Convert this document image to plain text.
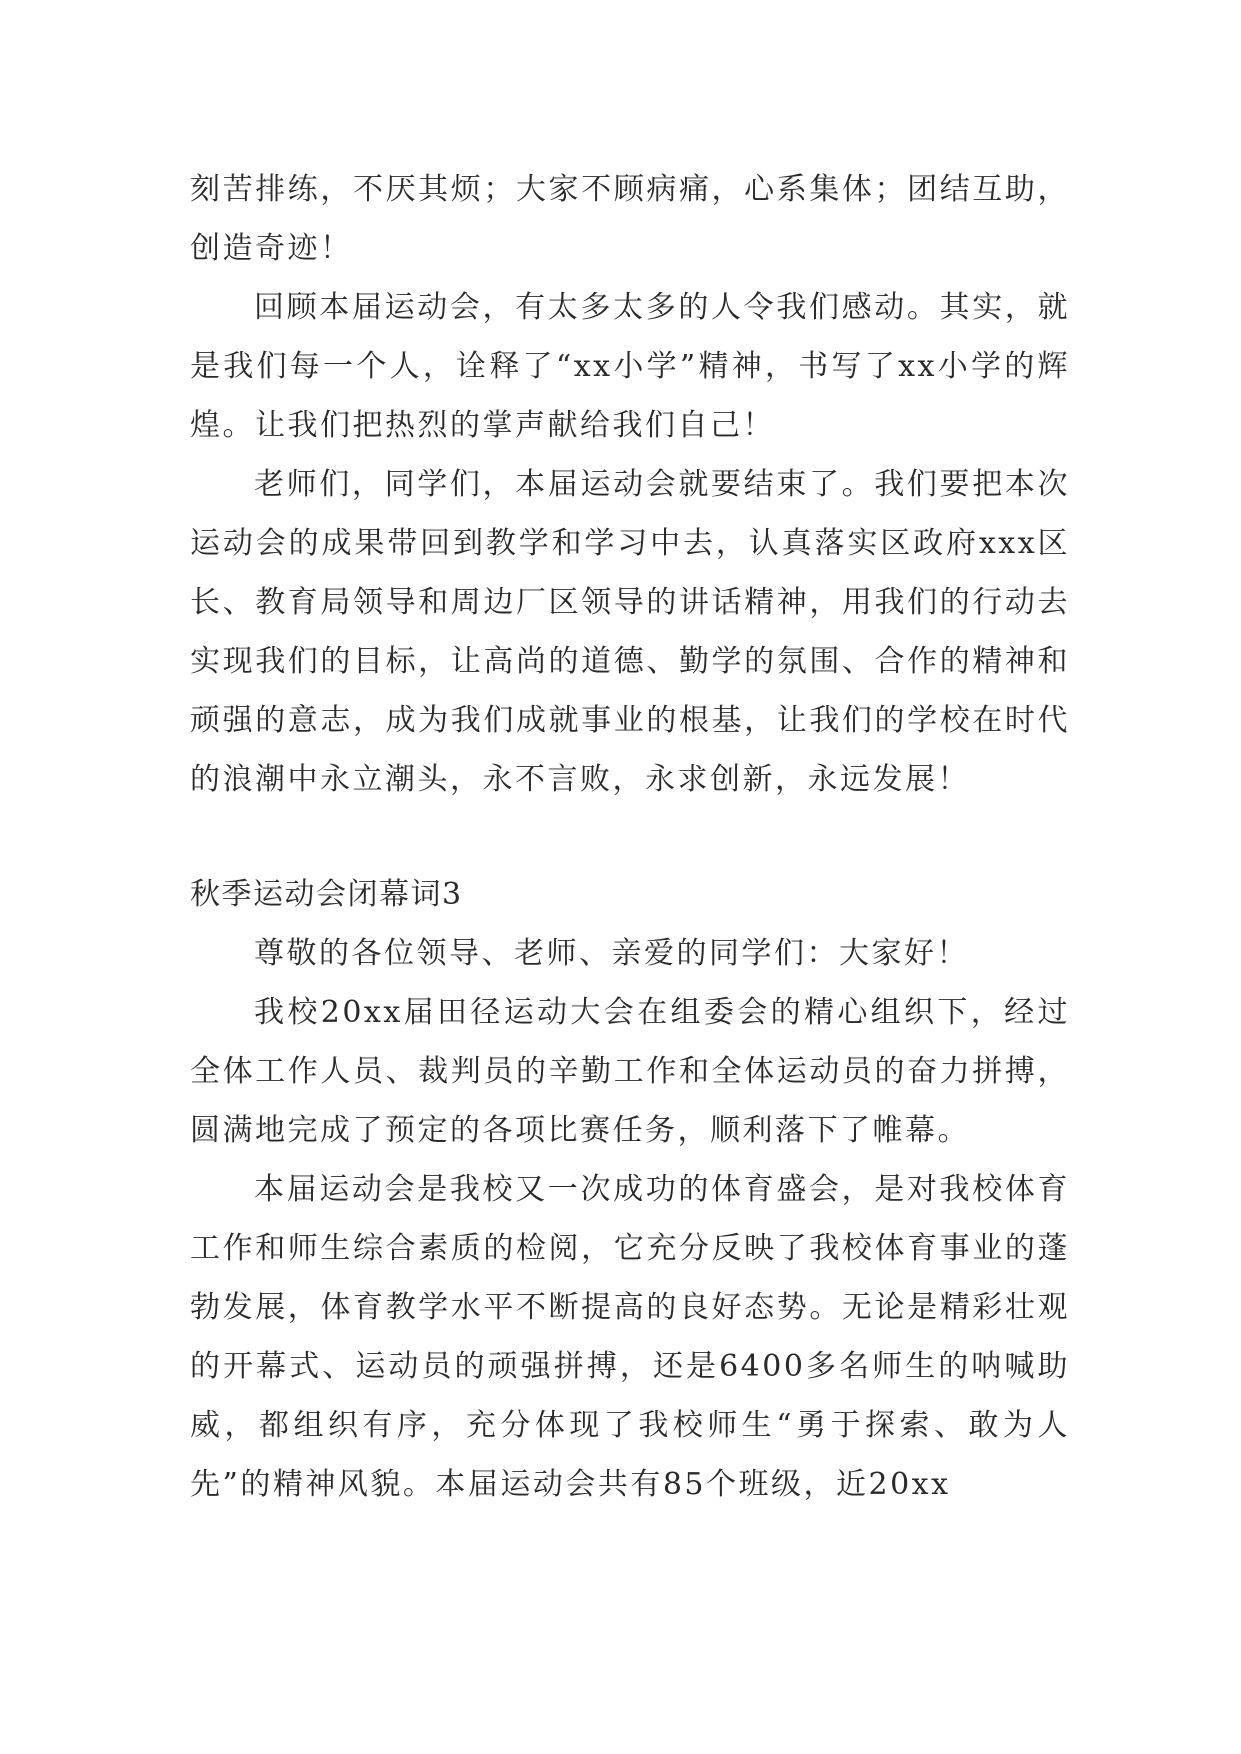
刻苦排练，不厌其烦；大家不顾病痛，心系集体；团结互助，创造奇迹！

回顾本届运动会，有太多太多的人令我们感动。其实，就是我们每一个人，诠释了“xx小学”精神，书写了xx小学的辉煌。让我们把热烈的掌声献给我们自己！

老师们，同学们，本届运动会就要结束了。我们要把本次运动会的成果带回到教学和学习中去，认真落实区政府xxx区长、教育局领导和周边厂区领导的讲话精神，用我们的行动去实现我们的目标，让高尚的道德、勤学的氛围、合作的精神和顽强的意志，成为我们成就事业的根基，让我们的学校在时代的浪潮中永立潮头，永不言败，永求创新，永远发展！

秋季运动会闭幕词3

尊敬的各位领导、老师、亲爱的同学们：大家好！

我校20xx届田径运动大会在组委会的精心组织下，经过全体工作人员、裁判员的辛勤工作和全体运动员的奋力拼搏，圆满地完成了预定的各项比赛任务，顺利落下了帷幕。

本届运动会是我校又一次成功的体育盛会，是对我校体育工作和师生综合素质的检阅，它充分反映了我校体育事业的蓬勃发展，体育教学水平不断提高的良好态势。无论是精彩壮观的开幕式、运动员的顽强拼搏，还是6400多名师生的呐喊助威，都组织有序，充分体现了我校师生“勇于探索、敢为人先”的精神风貌。本届运动会共有85个班级，近20xx
